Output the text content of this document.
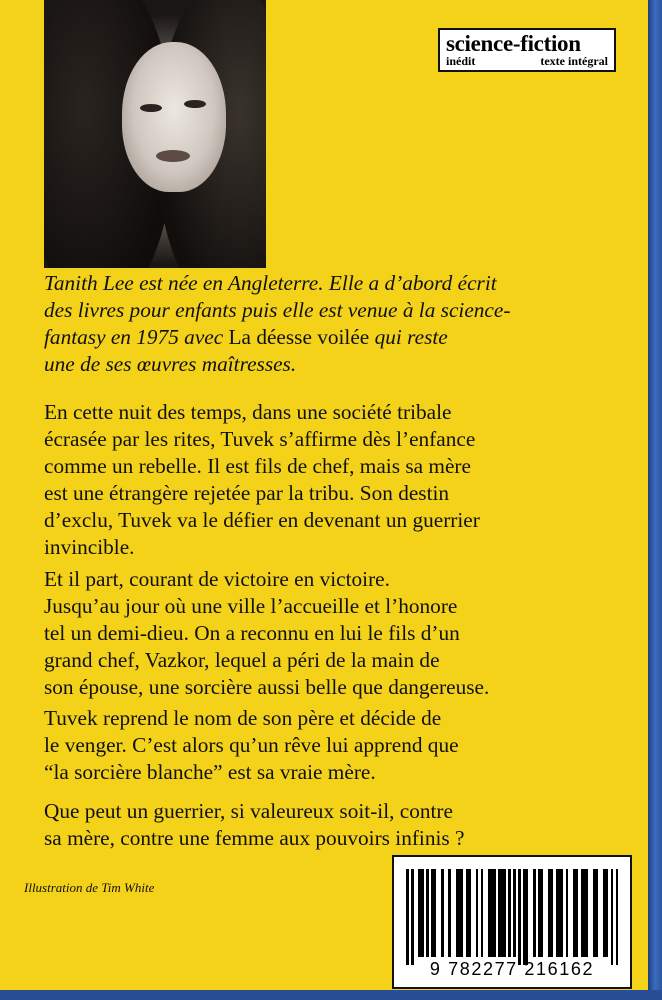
science-fiction
inédit	texte intégral
Tanith Lee est née en Angleterre. Elle a d’abord écrit
des livres pour enfants puis elle est venue à la science-
fantasy en 1975 avec La déesse voilée qui reste
une de ses œuvres maîtresses.
En cette nuit des temps, dans une société tribale
écrasée par les rites, Tuvek s’affirme dès l’enfance
comme un rebelle. Il est fils de chef, mais sa mère
est une étrangère rejetée par la tribu. Son destin
d’exclu, Tuvek va le défier en devenant un guerrier
invincible.
Et il part, courant de victoire en victoire.
Jusqu’au jour où une ville l’accueille et l’honore
tel un demi-dieu. On a reconnu en lui le fils d’un
grand chef, Vazkor, lequel a péri de la main de
son épouse, une sorcière aussi belle que dangereuse.
Tuvek reprend le nom de son père et décide de
le venger. C’est alors qu’un rêve lui apprend que
“la sorcière blanche” est sa vraie mère.
Que peut un guerrier, si valeureux soit-il, contre
sa mère, contre une femme aux pouvoirs infinis ?
Illustration de Tim White
9 782277 216162
